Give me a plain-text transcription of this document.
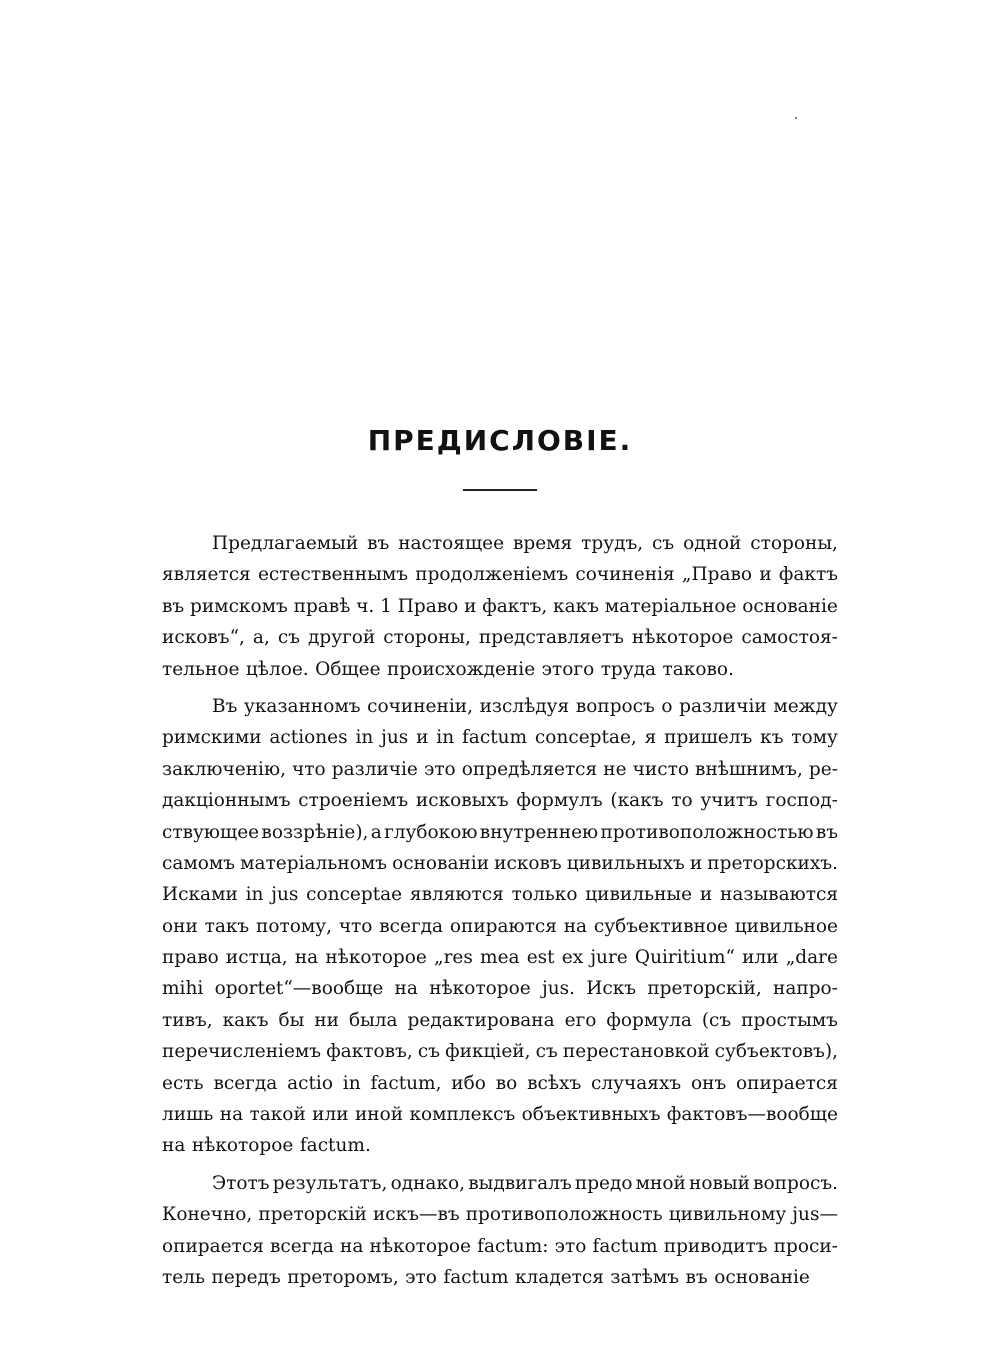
ПРЕДИСЛОВІЕ.
Предлагаемый въ настоящее время трудъ, съ одной стороны,
является естественнымъ продолженіемъ сочиненія „Право и фактъ
въ римскомъ правѣ ч. 1 Право и фактъ, какъ матеріальное основаніе
исковъ“, а, съ другой стороны, представляетъ нѣкоторое самостоя-
тельное цѣлое. Общее происхожденіе этого труда таково.
Въ указанномъ сочиненіи, изслѣдуя вопросъ о различіи между
римскими actiones in jus и in factum conceptae, я пришелъ къ тому
заключенію, что различіе это опредѣляется не чисто внѣшнимъ, ре-
дакціоннымъ строеніемъ исковыхъ формулъ (какъ то учитъ господ-
ствующее воззрѣніе), а глубокою внутреннею противоположностью въ
самомъ матеріальномъ основаніи исковъ цивильныхъ и преторскихъ.
Исками in jus conceptae являются только цивильные и называются
они такъ потому, что всегда опираются на субъективное цивильное
право истца, на нѣкоторое „res mea est ex jure Quiritium“ или „dare
mihi oportet“—вообще на нѣкоторое jus. Искъ преторскій, напро-
тивъ, какъ бы ни была редактирована его формула (съ простымъ
перечисленіемъ фактовъ, съ фикціей, съ перестановкой субъектовъ),
есть всегда actio in factum, ибо во всѣхъ случаяхъ онъ опирается
лишь на такой или иной комплексъ объективныхъ фактовъ—вообще
на нѣкоторое factum.
Этотъ результатъ, однако, выдвигалъ предо мной новый вопросъ.
Конечно, преторскій искъ—въ противоположность цивильному jus—
опирается всегда на нѣкоторое factum: это factum приводитъ проси-
тель передъ преторомъ, это factum кладется затѣмъ въ основаніе
